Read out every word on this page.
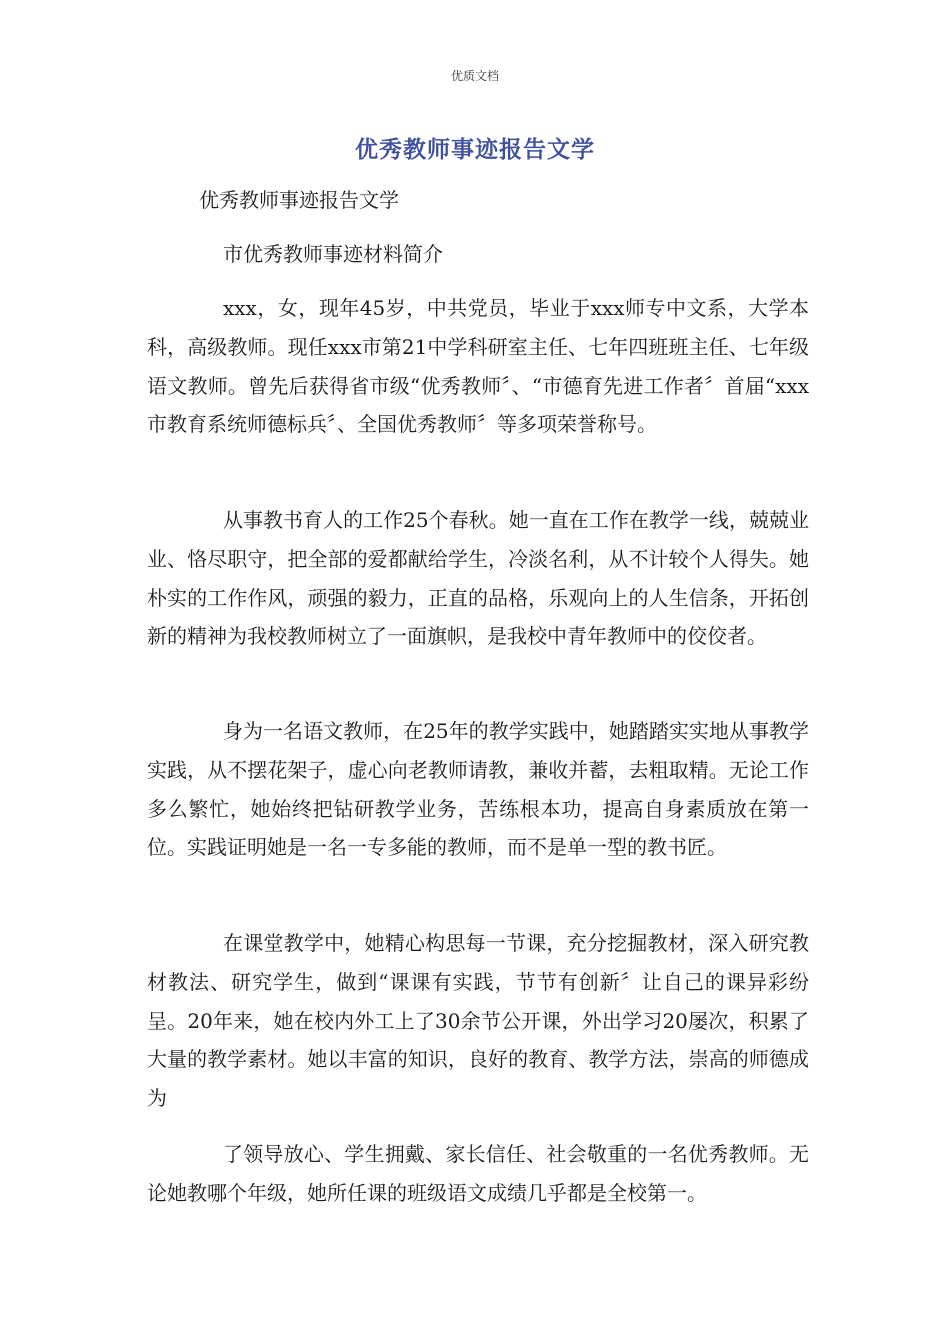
优质文档
优秀教师事迹报告文学
优秀教师事迹报告文学
市优秀教师事迹材料简介

xxx，女，现年45岁，中共党员，毕业于xxx师专中文系，大学本科，高级教师。现任xxx市第21中学科研室主任、七年四班班主任、七年级语文教师。曾先后获得省市级“优秀教师〞、“市德育先进工作者〞首届“xxx市教育系统师德标兵〞、全国优秀教师〞等多项荣誉称号。

从事教书育人的工作25个春秋。她一直在工作在教学一线，兢兢业业、恪尽职守，把全部的爱都献给学生，冷淡名利，从不计较个人得失。她朴实的工作作风，顽强的毅力，正直的品格，乐观向上的人生信条，开拓创新的精神为我校教师树立了一面旗帜，是我校中青年教师中的佼佼者。

身为一名语文教师，在25年的教学实践中，她踏踏实实地从事教学实践，从不摆花架子，虚心向老教师请教，兼收并蓄，去粗取精。无论工作多么繁忙，她始终把钻研教学业务，苦练根本功，提高自身素质放在第一位。实践证明她是一名一专多能的教师，而不是单一型的教书匠。

在课堂教学中，她精心构思每一节课，充分挖掘教材，深入研究教材教法、研究学生，做到“课课有实践，节节有创新〞让自己的课异彩纷呈。20年来，她在校内外工上了30余节公开课，外出学习20屡次，积累了大量的教学素材。她以丰富的知识，良好的教育、教学方法，崇高的师德成为

了领导放心、学生拥戴、家长信任、社会敬重的一名优秀教师。无论她教哪个年级，她所任课的班级语文成绩几乎都是全校第一。
